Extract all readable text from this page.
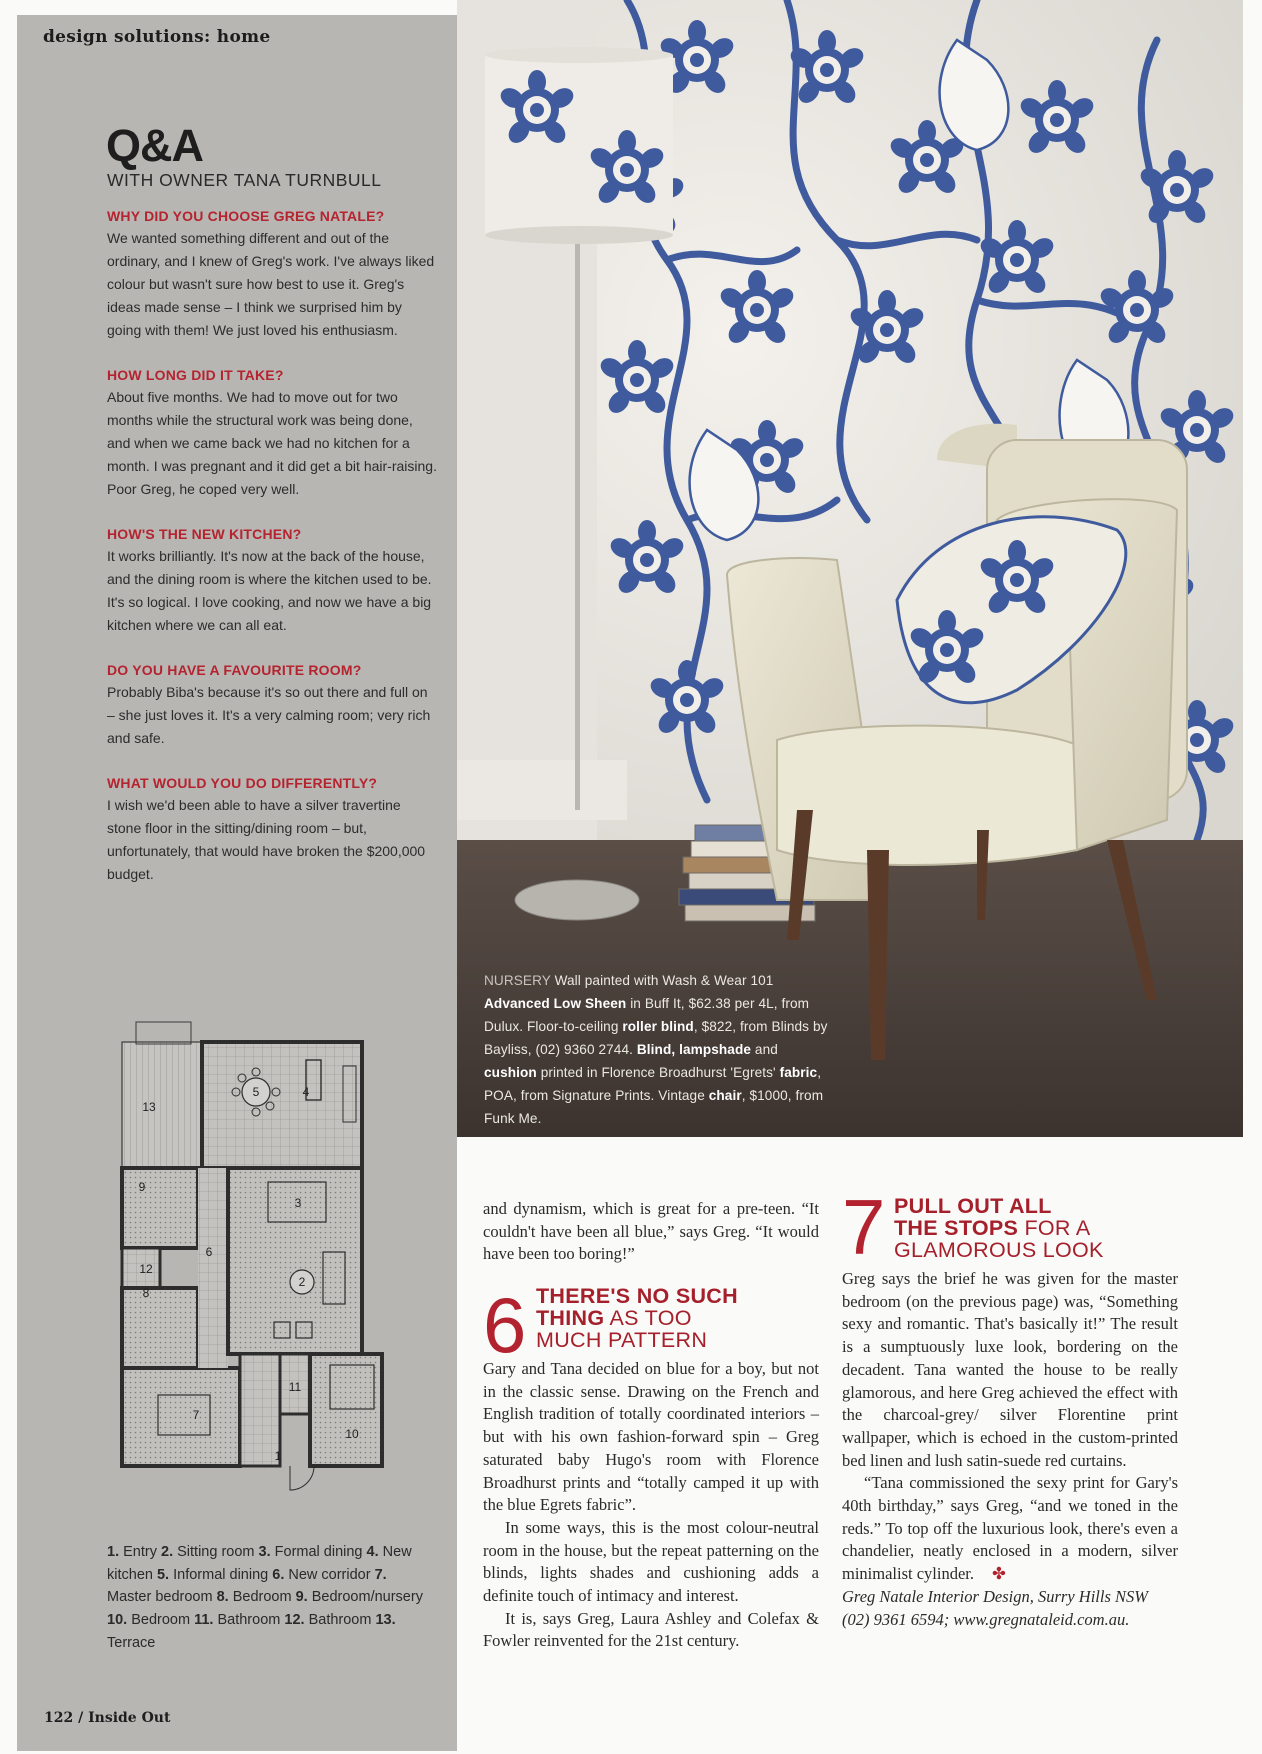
design solutions: home
Q&A
WITH OWNER TANA TURNBULL
WHY DID YOU CHOOSE GREG NATALE?
We wanted something different and out of the ordinary, and I knew of Greg's work. I've always liked colour but wasn't sure how best to use it. Greg's ideas made sense – I think we surprised him by going with them! We just loved his enthusiasm.
HOW LONG DID IT TAKE?
About five months. We had to move out for two months while the structural work was being done, and when we came back we had no kitchen for a month. I was pregnant and it did get a bit hair-raising. Poor Greg, he coped very well.
HOW'S THE NEW KITCHEN?
It works brilliantly. It's now at the back of the house, and the dining room is where the kitchen used to be. It's so logical. I love cooking, and now we have a big kitchen where we can all eat.
DO YOU HAVE A FAVOURITE ROOM?
Probably Biba's because it's so out there and full on – she just loves it. It's a very calming room; very rich and safe.
WHAT WOULD YOU DO DIFFERENTLY?
I wish we'd been able to have a silver travertine stone floor in the sitting/dining room – but, unfortunately, that would have broken the $200,000 budget.
1
2
3
4
5
6
7
8
9
10
11
12
13
1. Entry 2. Sitting room 3. Formal dining 4. New kitchen 5. Informal dining 6. New corridor 7. Master bedroom 8. Bedroom 9. Bedroom/nursery 10. Bedroom 11. Bathroom 12. Bathroom 13. Terrace
122 / Inside Out
NURSERY Wall painted with Wash & Wear 101 Advanced Low Sheen in Buff It, $62.38 per 4L, from Dulux. Floor-to-ceiling roller blind, $822, from Blinds by Bayliss, (02) 9360 2744. Blind, lampshade and cushion printed in Florence Broadhurst 'Egrets' fabric, POA, from Signature Prints. Vintage chair, $1000, from Funk Me.

and dynamism, which is great for a pre-teen. “It couldn't have been all blue,” says Greg. “It would have been too boring!”

6 THERE'S NO SUCH
THING AS TOO
MUCH PATTERN

Gary and Tana decided on blue for a boy, but not in the classic sense. Drawing on the French and English tradition of totally coordinated interiors – but with his own fashion-forward spin – Greg saturated baby Hugo's room with Florence Broadhurst prints and “totally camped it up with the blue Egrets fabric”.

In some ways, this is the most colour-neutral room in the house, but the repeat patterning on the blinds, lights shades and cushioning adds a definite touch of intimacy and interest.

It is, says Greg, Laura Ashley and Colefax & Fowler reinvented for the 21st century.

7 PULL OUT ALL
THE STOPS FOR A
GLAMOROUS LOOK

Greg says the brief he was given for the master bedroom (on the previous page) was, “Something sexy and romantic. That's basically it!” The result is a sumptuously luxe look, bordering on the decadent. Tana wanted the house to be really glamorous, and here Greg achieved the effect with the charcoal-grey/ silver Florentine print wallpaper, which is echoed in the custom-printed bed linen and lush satin-suede red curtains.

“Tana commissioned the sexy print for Gary's 40th birthday,” says Greg, “and we toned in the reds.” To top off the luxurious look, there's even a chandelier, neatly enclosed in a modern, silver minimalist cylinder. ✤

Greg Natale Interior Design, Surry Hills NSW (02) 9361 6594; www.gregnataleid.com.au.
